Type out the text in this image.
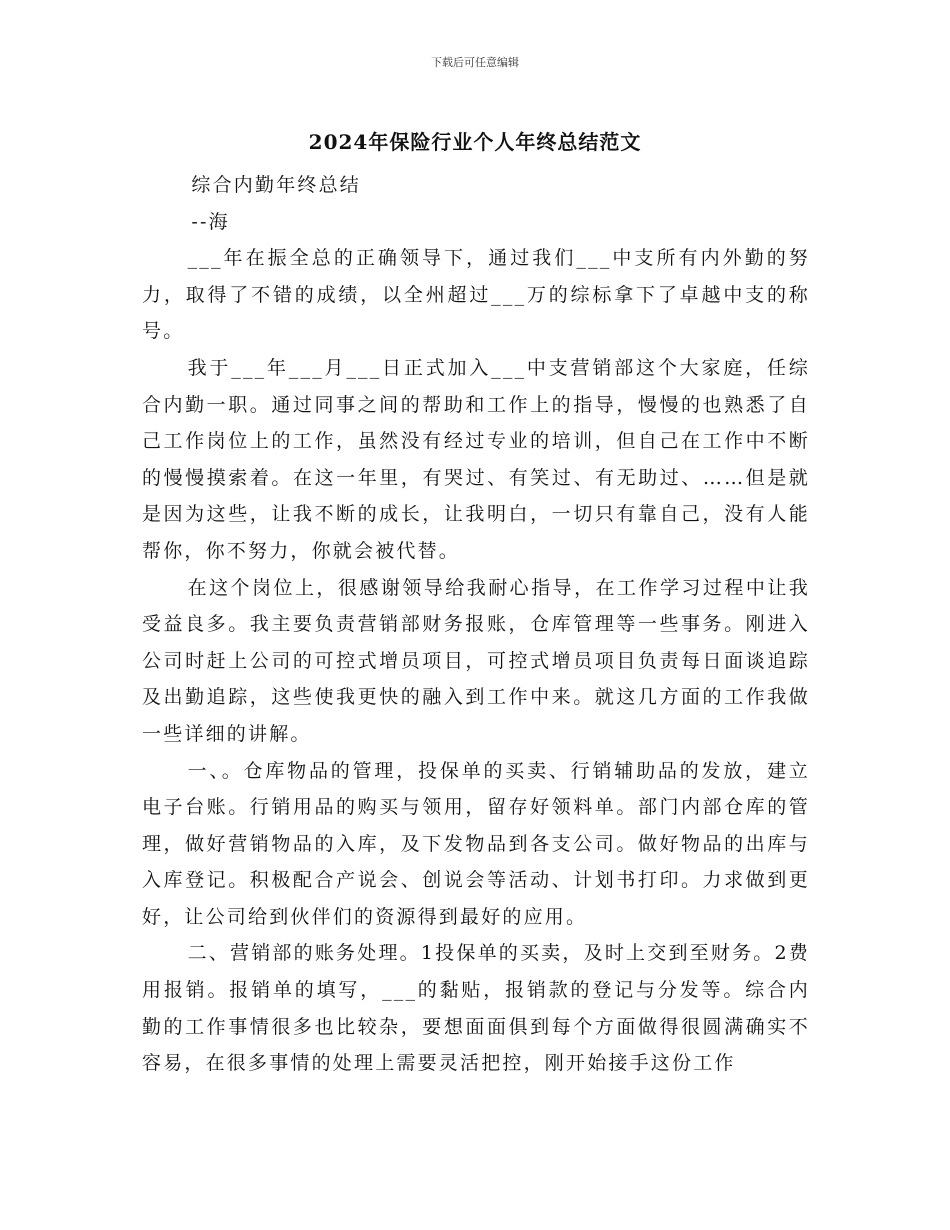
下载后可任意编辑
2024年保险行业个人年终总结范文

综合内勤年终总结

--海

___年在振全总的正确领导下，通过我们___中支所有内外勤的努力，取得了不错的成绩，以全州超过___万的综标拿下了卓越中支的称号。

我于___年___月___日正式加入___中支营销部这个大家庭，任综合内勤一职。通过同事之间的帮助和工作上的指导，慢慢的也熟悉了自己工作岗位上的工作，虽然没有经过专业的培训，但自己在工作中不断的慢慢摸索着。在这一年里，有哭过、有笑过、有无助过、……但是就是因为这些，让我不断的成长，让我明白，一切只有靠自己，没有人能帮你，你不努力，你就会被代替。

在这个岗位上，很感谢领导给我耐心指导，在工作学习过程中让我受益良多。我主要负责营销部财务报账，仓库管理等一些事务。刚进入公司时赶上公司的可控式增员项目，可控式增员项目负责每日面谈追踪及出勤追踪，这些使我更快的融入到工作中来。就这几方面的工作我做一些详细的讲解。

一、。仓库物品的管理，投保单的买卖、行销辅助品的发放，建立电子台账。行销用品的购买与领用，留存好领料单。部门内部仓库的管理，做好营销物品的入库，及下发物品到各支公司。做好物品的出库与入库登记。积极配合产说会、创说会等活动、计划书打印。力求做到更好，让公司给到伙伴们的资源得到最好的应用。

二、营销部的账务处理。1投保单的买卖，及时上交到至财务。2费用报销。报销单的填写，___的黏贴，报销款的登记与分发等。综合内勤的工作事情很多也比较杂，要想面面俱到每个方面做得很圆满确实不容易，在很多事情的处理上需要灵活把控，刚开始接手这份工作
